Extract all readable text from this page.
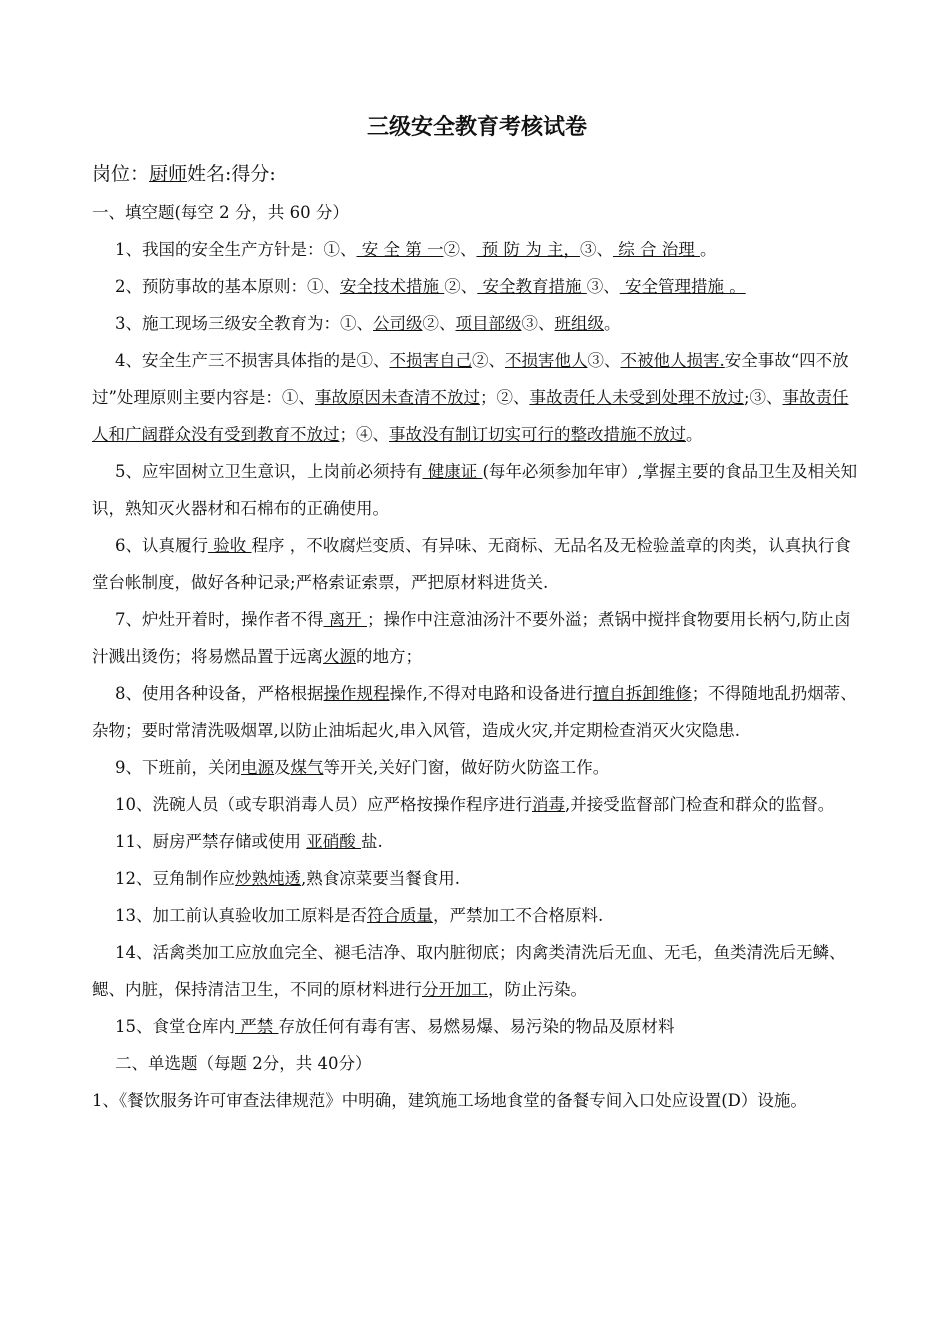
三级安全教育考核试卷
岗位：厨师姓名:得分:

一、填空题(每空 2 分，共 60 分）

1、我国的安全生产方针是：①、 安 全 第 一②、 预 防 为 主，③、 综 合 治理 。

2、预防事故的基本原则：①、安全技术措施 ②、 安全教育措施 ③、 安全管理措施 。

3、施工现场三级安全教育为：①、公司级②、项目部级③、班组级。

4、安全生产三不损害具体指的是①、不损害自己②、不损害他人③、不被他人损害.安全事故“四不放过”处理原则主要内容是：①、事故原因未查清不放过；②、事故责任人未受到处理不放过;③、事故责任人和广阔群众没有受到教育不放过；④、事故没有制订切实可行的整改措施不放过。

5、应牢固树立卫生意识，上岗前必须持有 健康证 (每年必须参加年审）,掌握主要的食品卫生及相关知识，熟知灭火器材和石棉布的正确使用。

6、认真履行 验收 程序 ，不收腐烂变质、有异味、无商标、无品名及无检验盖章的肉类，认真执行食堂台帐制度，做好各种记录;严格索证索票，严把原材料进货关.

7、炉灶开着时，操作者不得 离开 ；操作中注意油汤汁不要外溢；煮锅中搅拌食物要用长柄勺,防止卤汁溅出烫伤；将易燃品置于远离火源的地方；

8、使用各种设备，严格根据操作规程操作,不得对电路和设备进行擅自拆卸维修；不得随地乱扔烟蒂、杂物；要时常清洗吸烟罩,以防止油垢起火,串入风管，造成火灾,并定期检查消灭火灾隐患.

9、下班前，关闭电源及煤气等开关,关好门窗，做好防火防盗工作。

10、洗碗人员（或专职消毒人员）应严格按操作程序进行消毒,并接受监督部门检查和群众的监督。

11、厨房严禁存储或使用 亚硝酸 盐.

12、豆角制作应炒熟炖透,熟食凉菜要当餐食用.

13、加工前认真验收加工原料是否符合质量，严禁加工不合格原料.

14、活禽类加工应放血完全、褪毛洁净、取内脏彻底；肉禽类清洗后无血、无毛，鱼类清洗后无鳞、鳃、内脏，保持清洁卫生，不同的原材料进行分开加工，防止污染。

15、食堂仓库内 严禁 存放任何有毒有害、易燃易爆、易污染的物品及原材料

二、单选题（每题 2分，共 40分）

1、《餐饮服务许可审查法律规范》中明确，建筑施工场地食堂的备餐专间入口处应设置(D）设施。
